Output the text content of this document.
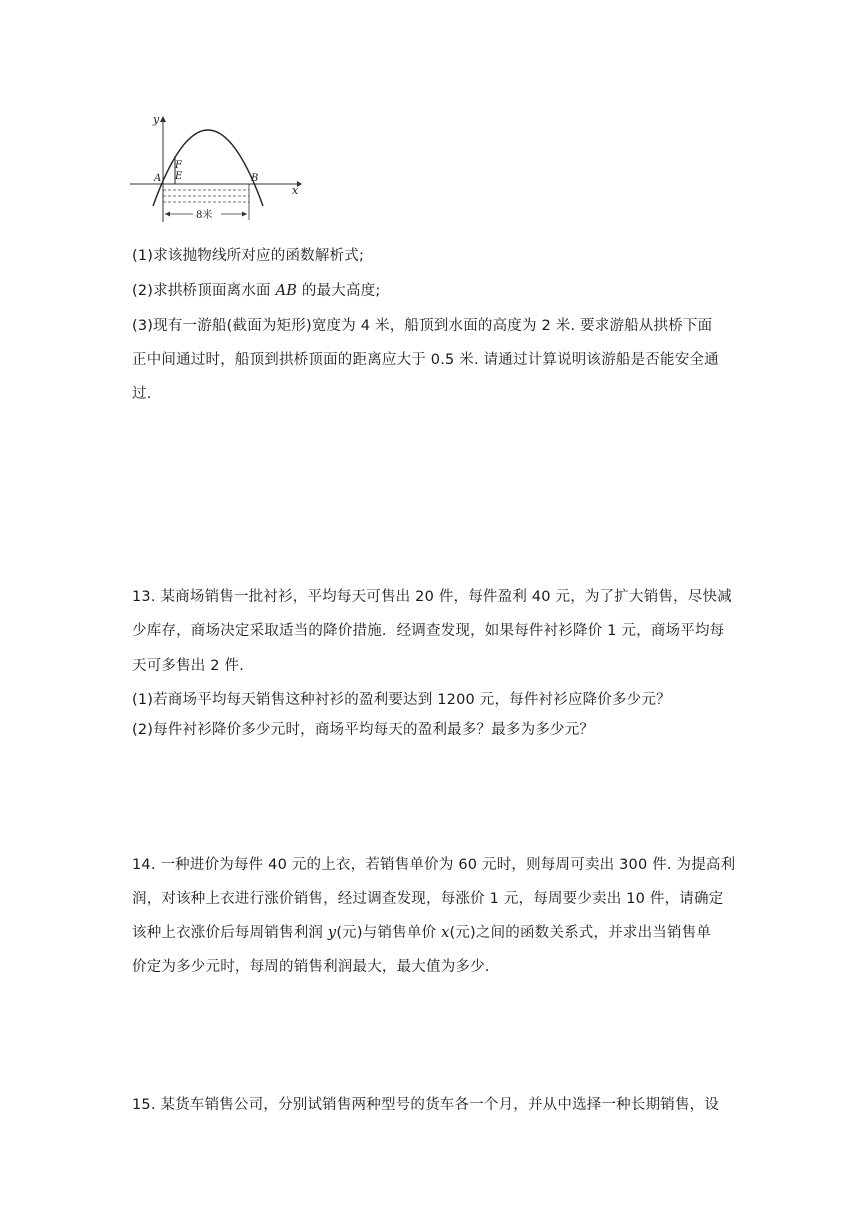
y
x
A	B
E
F
8米
(1)求该抛物线所对应的函数解析式;
(2)求拱桥顶面离水面 AB 的最大高度;
(3)现有一游船(截面为矩形)宽度为 4 米，船顶到水面的高度为 2 米. 要求游船从拱桥下面
正中间通过时，船顶到拱桥顶面的距离应大于 0.5 米. 请通过计算说明该游船是否能安全通
过.
13. 某商场销售一批衬衫，平均每天可售出 20 件，每件盈利 40 元，为了扩大销售，尽快减
少库存，商场决定采取适当的降价措施．经调查发现，如果每件衬衫降价 1 元，商场平均每
天可多售出 2 件．
(1)若商场平均每天销售这种衬衫的盈利要达到 1200 元，每件衬衫应降价多少元？
(2)每件衬衫降价多少元时，商场平均每天的盈利最多？最多为多少元？
14. 一种进价为每件 40 元的上衣，若销售单价为 60 元时，则每周可卖出 300 件. 为提高利
润，对该种上衣进行涨价销售，经过调查发现，每涨价 1 元，每周要少卖出 10 件，请确定
该种上衣涨价后每周销售利润 y(元)与销售单价 x(元)之间的函数关系式，并求出当销售单
价定为多少元时，每周的销售利润最大，最大值为多少.
15. 某货车销售公司，分别试销售两种型号的货车各一个月，并从中选择一种长期销售，设
